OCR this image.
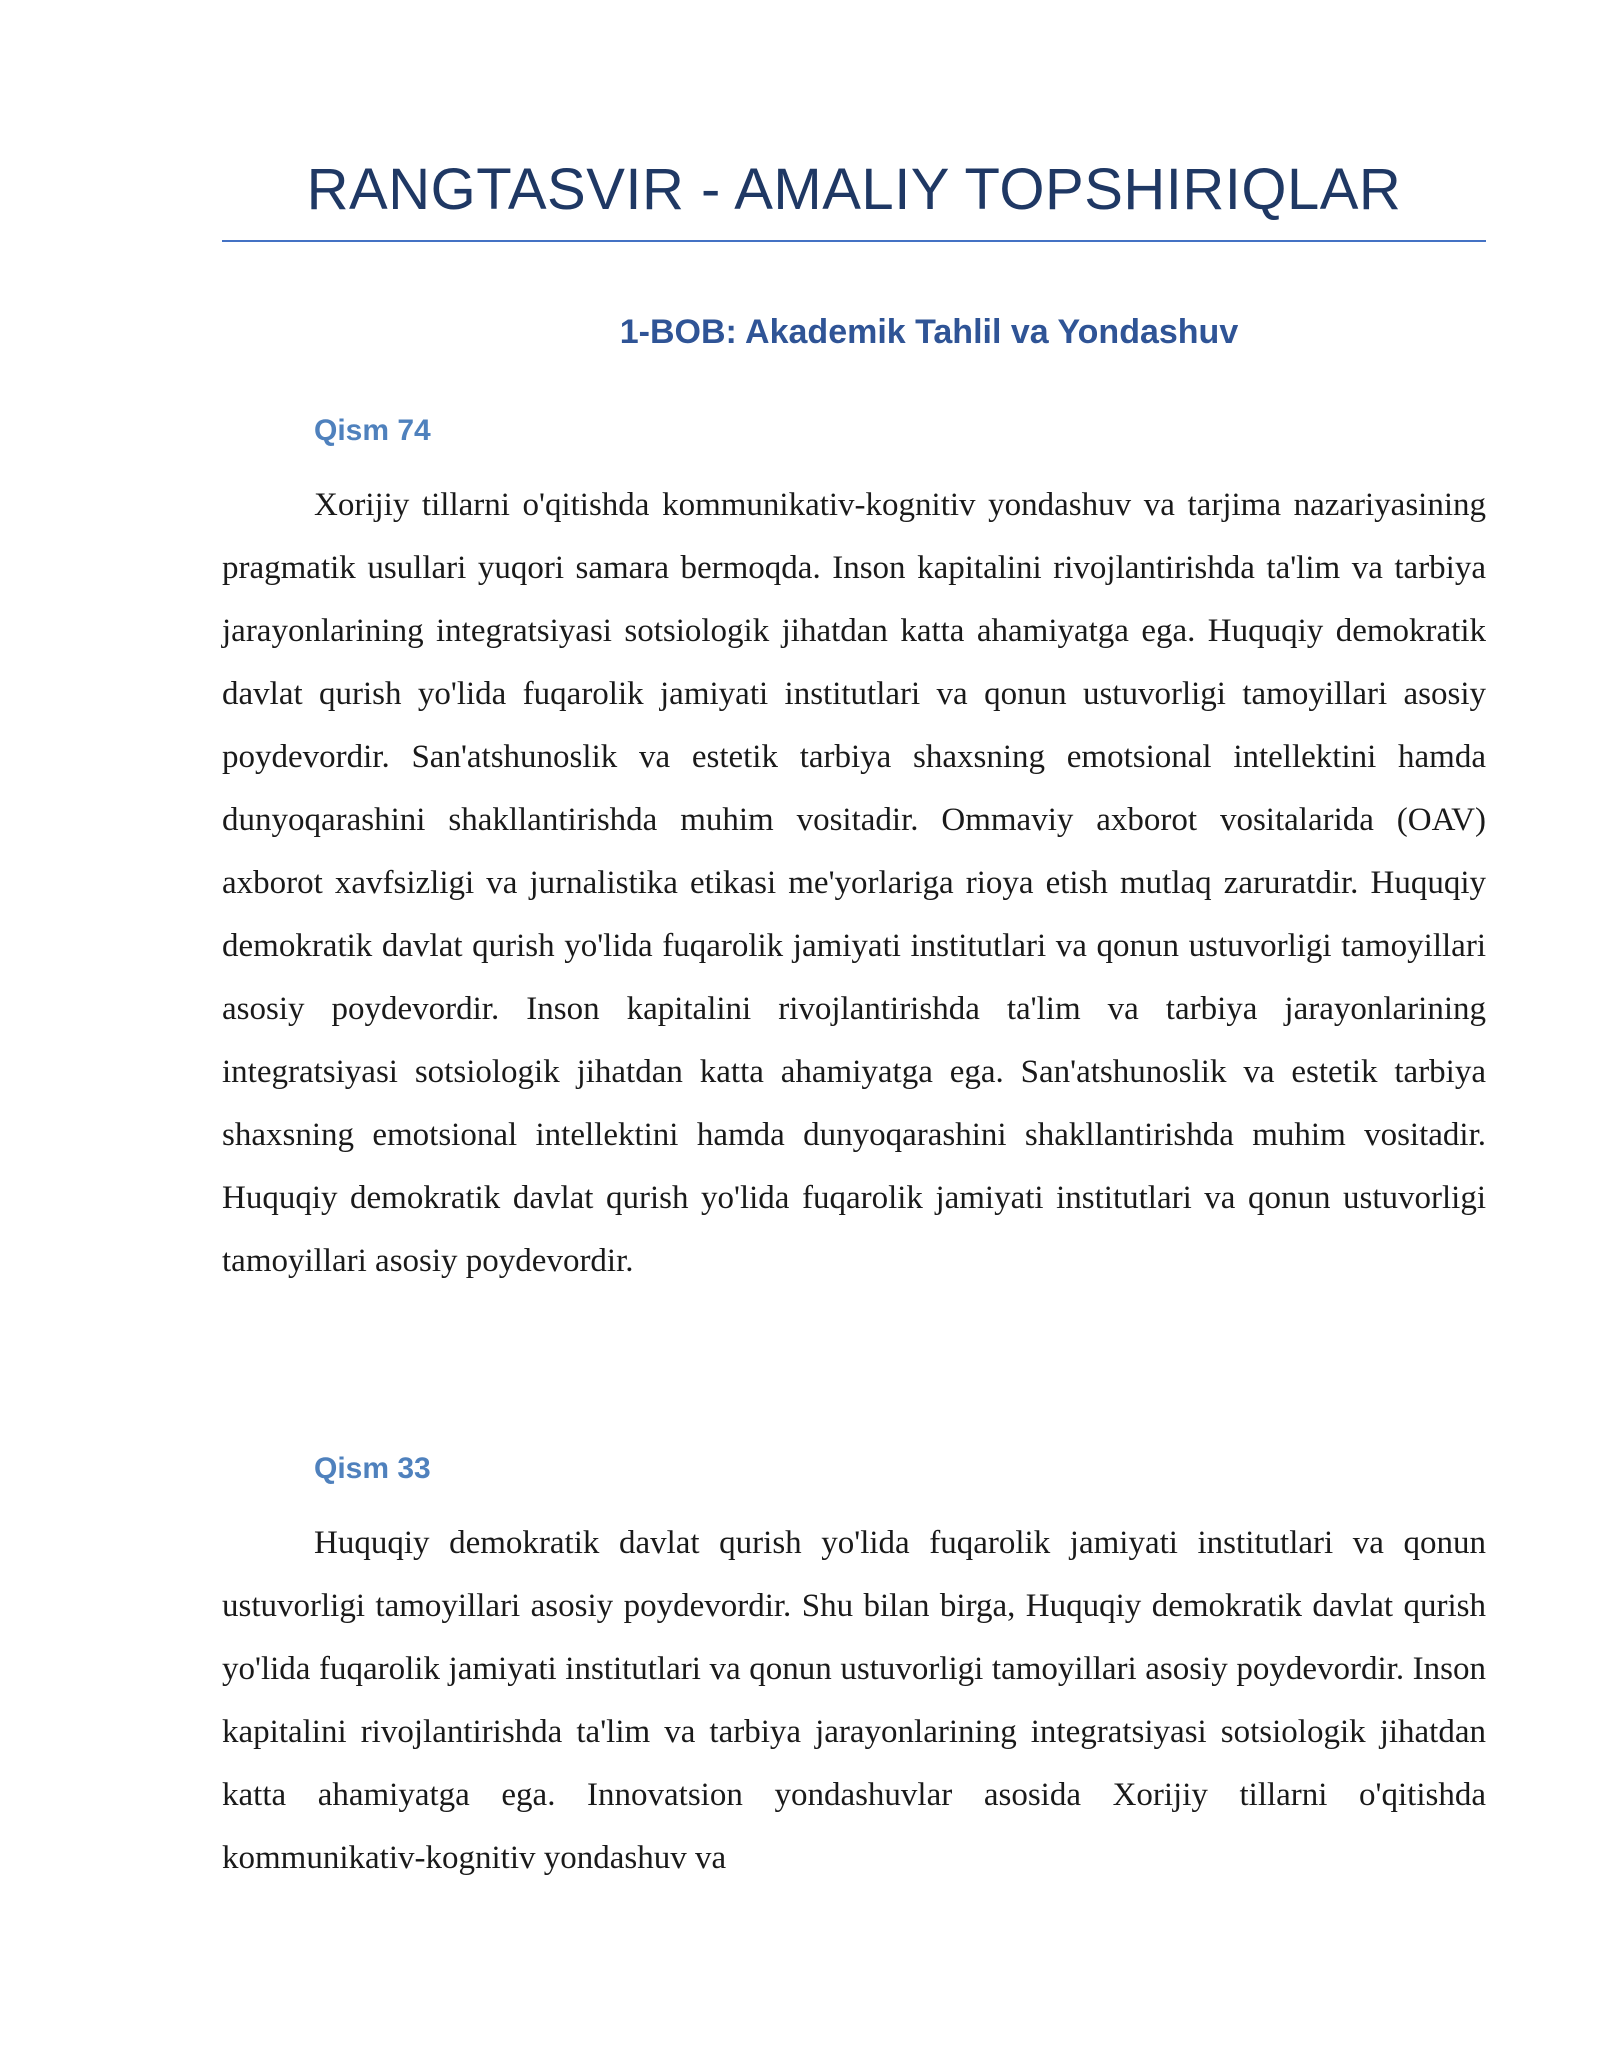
RANGTASVIR - AMALIY TOPSHIRIQLAR
1-BOB: Akademik Tahlil va Yondashuv
Qism 74

Xorijiy tillarni o'qitishda kommunikativ-kognitiv yondashuv va tarjima nazariyasining pragmatik usullari yuqori samara bermoqda. Inson kapitalini rivojlantirishda ta'lim va tarbiya jarayonlarining integratsiyasi sotsiologik jihatdan katta ahamiyatga ega. Huquqiy demokratik davlat qurish yo'lida fuqarolik jamiyati institutlari va qonun ustuvorligi tamoyillari asosiy poydevordir. San'atshunoslik va estetik tarbiya shaxsning emotsional intellektini hamda dunyoqarashini shakllantirishda muhim vositadir. Ommaviy axborot vositalarida (OAV) axborot xavfsizligi va jurnalistika etikasi me'yorlariga rioya etish mutlaq zaruratdir. Huquqiy demokratik davlat qurish yo'lida fuqarolik jamiyati institutlari va qonun ustuvorligi tamoyillari asosiy poydevordir. Inson kapitalini rivojlantirishda ta'lim va tarbiya jarayonlarining integratsiyasi sotsiologik jihatdan katta ahamiyatga ega. San'atshunoslik va estetik tarbiya shaxsning emotsional intellektini hamda dunyoqarashini shakllantirishda muhim vositadir. Huquqiy demokratik davlat qurish yo'lida fuqarolik jamiyati institutlari va qonun ustuvorligi tamoyillari asosiy poydevordir.

Qism 33

Huquqiy demokratik davlat qurish yo'lida fuqarolik jamiyati institutlari va qonun ustuvorligi tamoyillari asosiy poydevordir. Shu bilan birga, Huquqiy demokratik davlat qurish yo'lida fuqarolik jamiyati institutlari va qonun ustuvorligi tamoyillari asosiy poydevordir. Inson kapitalini rivojlantirishda ta'lim va tarbiya jarayonlarining integratsiyasi sotsiologik jihatdan katta ahamiyatga ega. Innovatsion yondashuvlar asosida Xorijiy tillarni o'qitishda kommunikativ-kognitiv yondashuv va
